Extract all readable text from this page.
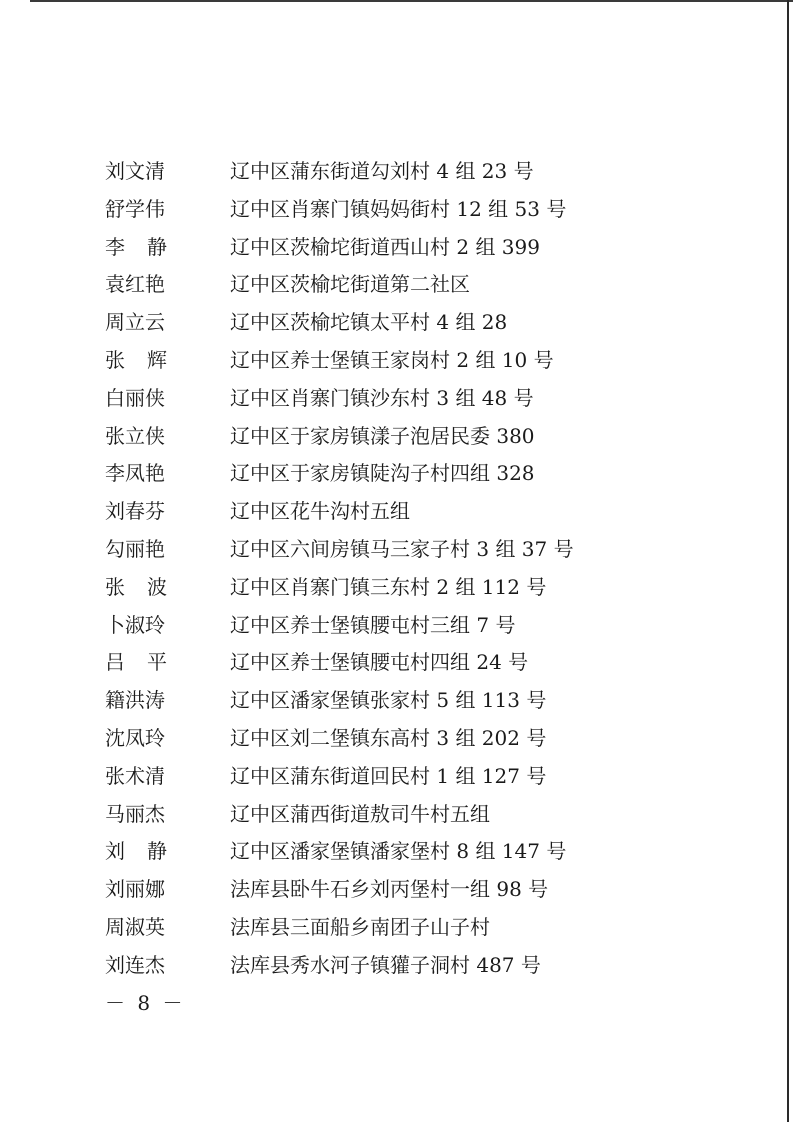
刘文清	辽中区蒲东街道勾刘村 4 组 23 号
舒学伟	辽中区肖寨门镇妈妈街村 12 组 53 号
李静 辽中区茨榆坨街道西山村 2 组 399
袁红艳	辽中区茨榆坨街道第二社区
周立云	辽中区茨榆坨镇太平村 4 组 28
张辉 辽中区养士堡镇王家岗村 2 组 10 号
白丽侠	辽中区肖寨门镇沙东村 3 组 48 号
张立侠	辽中区于家房镇漾子泡居民委 380
李凤艳	辽中区于家房镇陡沟子村四组 328
刘春芬	辽中区花牛沟村五组
勾丽艳	辽中区六间房镇马三家子村 3 组 37 号
张波 辽中区肖寨门镇三东村 2 组 112 号
卜淑玲	辽中区养士堡镇腰屯村三组 7 号
吕平 辽中区养士堡镇腰屯村四组 24 号
籍洪涛	辽中区潘家堡镇张家村 5 组 113 号
沈凤玲	辽中区刘二堡镇东高村 3 组 202 号
张术清	辽中区蒲东街道回民村 1 组 127 号
马丽杰	辽中区蒲西街道敖司牛村五组
刘静 辽中区潘家堡镇潘家堡村 8 组 147 号
刘丽娜	法库县卧牛石乡刘丙堡村一组 98 号
周淑英	法库县三面船乡南团子山子村
刘连杰	法库县秀水河子镇獾子洞村 487 号
－ 8 －
